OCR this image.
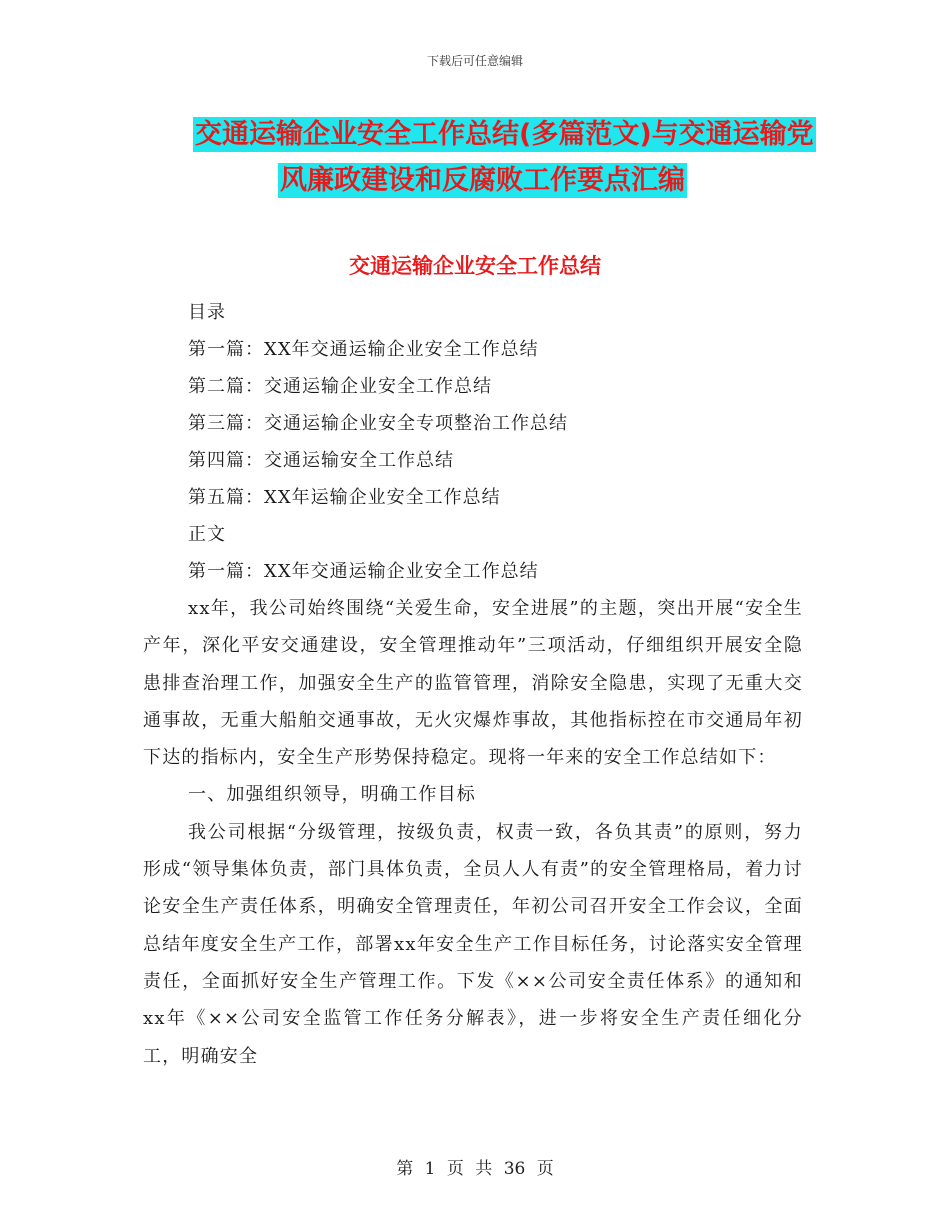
下载后可任意编辑
交通运输企业安全工作总结(多篇范文)与交通运输党
风廉政建设和反腐败工作要点汇编
交通运输企业安全工作总结
目录
第一篇：XX年交通运输企业安全工作总结
第二篇：交通运输企业安全工作总结
第三篇：交通运输企业安全专项整治工作总结
第四篇：交通运输安全工作总结
第五篇：XX年运输企业安全工作总结
正文
第一篇：XX年交通运输企业安全工作总结

xx年，我公司始终围绕“关爱生命，安全进展”的主题，突出开展“安全生产年，深化平安交通建设，安全管理推动年”三项活动，仔细组织开展安全隐患排查治理工作，加强安全生产的监管管理，消除安全隐患，实现了无重大交通事故，无重大船舶交通事故，无火灾爆炸事故，其他指标控在市交通局年初下达的指标内，安全生产形势保持稳定。现将一年来的安全工作总结如下：

一、加强组织领导，明确工作目标

我公司根据“分级管理，按级负责，权责一致，各负其责”的原则，努力形成“领导集体负责，部门具体负责，全员人人有责”的安全管理格局，着力讨论安全生产责任体系，明确安全管理责任，年初公司召开安全工作会议，全面总结年度安全生产工作，部署xx年安全生产工作目标任务，讨论落实安全管理责任，全面抓好安全生产管理工作。下发《××公司安全责任体系》的通知和xx年《××公司安全监管工作任务分解表》，进一步将安全生产责任细化分工，明确安全

第 1 页 共 36 页
